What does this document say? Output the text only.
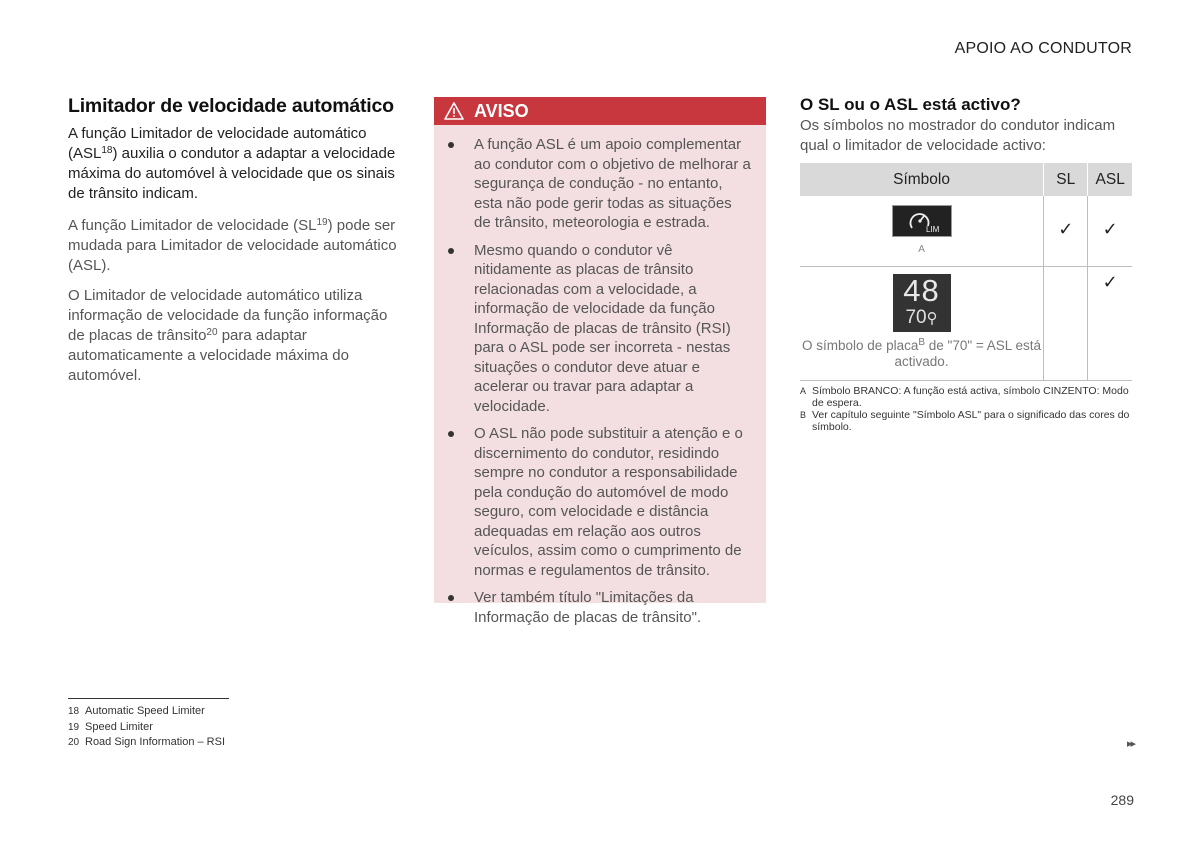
APOIO AO CONDUTOR
Limitador de velocidade automático

A função Limitador de velocidade automático (ASL$^{18}$) auxilia o condutor a adaptar a velocidade máxima do automóvel à velocidade que os sinais de trânsito indicam.

A função Limitador de velocidade (SL$^{19}$) pode ser mudada para Limitador de velocidade automático (ASL).

O Limitador de velocidade automático utiliza informação de velocidade da função informação de placas de trânsito$^{20}$ para adaptar automaticamente a velocidade máxima do automóvel.

AVISO
A função ASL é um apoio complementar ao condutor com o objetivo de melhorar a segurança de condução - no entanto, esta não pode gerir todas as situações de trânsito, meteorologia e estrada.
Mesmo quando o condutor vê nitidamente as placas de trânsito relacionadas com a velocidade, a informação de velocidade da função Informação de placas de trânsito (RSI) para o ASL pode ser incorreta - nestas situações o condutor deve atuar e acelerar ou travar para adaptar a velocidade.
O ASL não pode substituir a atenção e o discernimento do condutor, residindo sempre no condutor a responsabilidade pela condução do automóvel de modo seguro, com velocidade e distância adequadas em relação aos outros veículos, assim como o cumprimento de normas e regulamentos de trânsito.
Ver também título "Limitações da Informação de placas de trânsito".
O SL ou o ASL está activo?

Os símbolos no mostrador do condutor indicam qual o limitador de velocidade activo:

Símbolo	SL	ASL

LIM
A	✓	✓

48
70⚲
O símbolo de placa$^B$ de "70" = ASL está activado.		✓
A Símbolo BRANCO: A função está activa, símbolo CINZENTO: Modo de espera.
B Ver capítulo seguinte "Símbolo ASL" para o significado das cores do símbolo.
18 Automatic Speed Limiter
19 Speed Limiter
20 Road Sign Information – RSI	▸▸
289
